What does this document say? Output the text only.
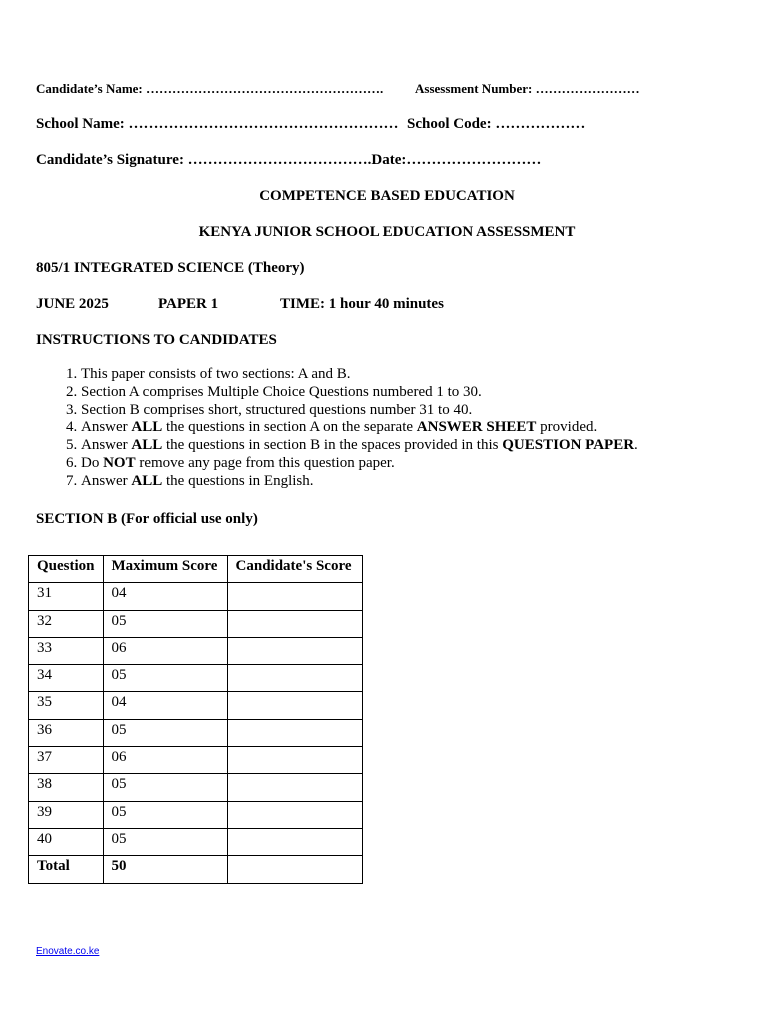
Candidate’s Name: ………………………………………………. Assessment Number: ……………………
School Name: ……………………………………………… School Code: ………………
Candidate’s Signature: ……………………………….Date:………………………
COMPETENCE BASED EDUCATION
KENYA JUNIOR SCHOOL EDUCATION ASSESSMENT
805/1 INTEGRATED SCIENCE (Theory)
JUNE 2025	PAPER 1	TIME: 1 hour 40 minutes
INSTRUCTIONS TO CANDIDATES
1. This paper consists of two sections: A and B.
2. Section A comprises Multiple Choice Questions numbered 1 to 30.
3. Section B comprises short, structured questions number 31 to 40.
4. Answer ALL the questions in section A on the separate ANSWER SHEET provided.
5. Answer ALL the questions in section B in the spaces provided in this QUESTION PAPER.
6. Do NOT remove any page from this question paper.
7. Answer ALL the questions in English.
SECTION B (For official use only)
Question	Maximum Score	Candidate's Score
31	04	
32	05	
33	06	
34	05	
35	04	
36	05	
37	06	
38	05	
39	05	
40	05	
Total	50	
Enovate.co.ke
